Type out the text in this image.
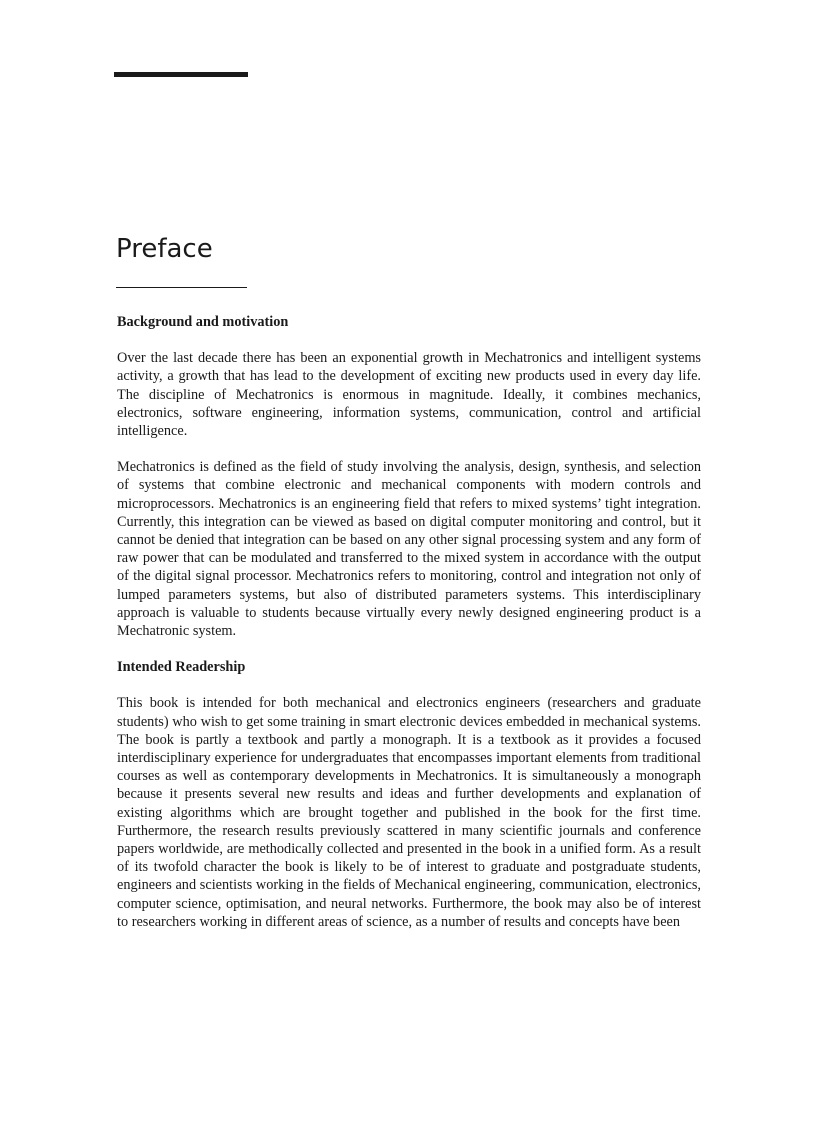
Preface
Background and motivation

Over the last decade there has been an exponential growth in Mechatronics and intelligent systems activity, a growth that has lead to the development of exciting new products used in every day life. The discipline of Mechatronics is enormous in magnitude. Ideally, it combines mechanics, electronics, software engineering, information systems, communication, control and artificial intelligence.

Mechatronics is defined as the field of study involving the analysis, design, synthesis, and selection of systems that combine electronic and mechanical components with modern controls and microprocessors. Mechatronics is an engineering field that refers to mixed systems’ tight integration. Currently, this integration can be viewed as based on digital computer monitoring and control, but it cannot be denied that integration can be based on any other signal processing system and any form of raw power that can be modulated and transferred to the mixed system in accordance with the output of the digital signal processor. Mechatronics refers to monitoring, control and integration not only of lumped parameters systems, but also of distributed parameters systems. This interdisciplinary approach is valuable to students because virtually every newly designed engineering product is a Mechatronic system.

Intended Readership

This book is intended for both mechanical and electronics engineers (researchers and graduate students) who wish to get some training in smart electronic devices embedded in mechanical systems. The book is partly a textbook and partly a monograph. It is a textbook as it provides a focused interdisciplinary experience for undergraduates that encompasses important elements from traditional courses as well as contemporary developments in Mechatronics. It is simultaneously a monograph because it presents several new results and ideas and further developments and explanation of existing algorithms which are brought together and published in the book for the first time. Furthermore, the research results previously scattered in many scientific journals and conference papers worldwide, are methodically collected and presented in the book in a unified form. As a result of its twofold character the book is likely to be of interest to graduate and postgraduate students, engineers and scientists working in the fields of Mechanical engineering, communication, electronics, computer science, optimisation, and neural networks. Furthermore, the book may also be of interest to researchers working in different areas of science, as a number of results and concepts have been
